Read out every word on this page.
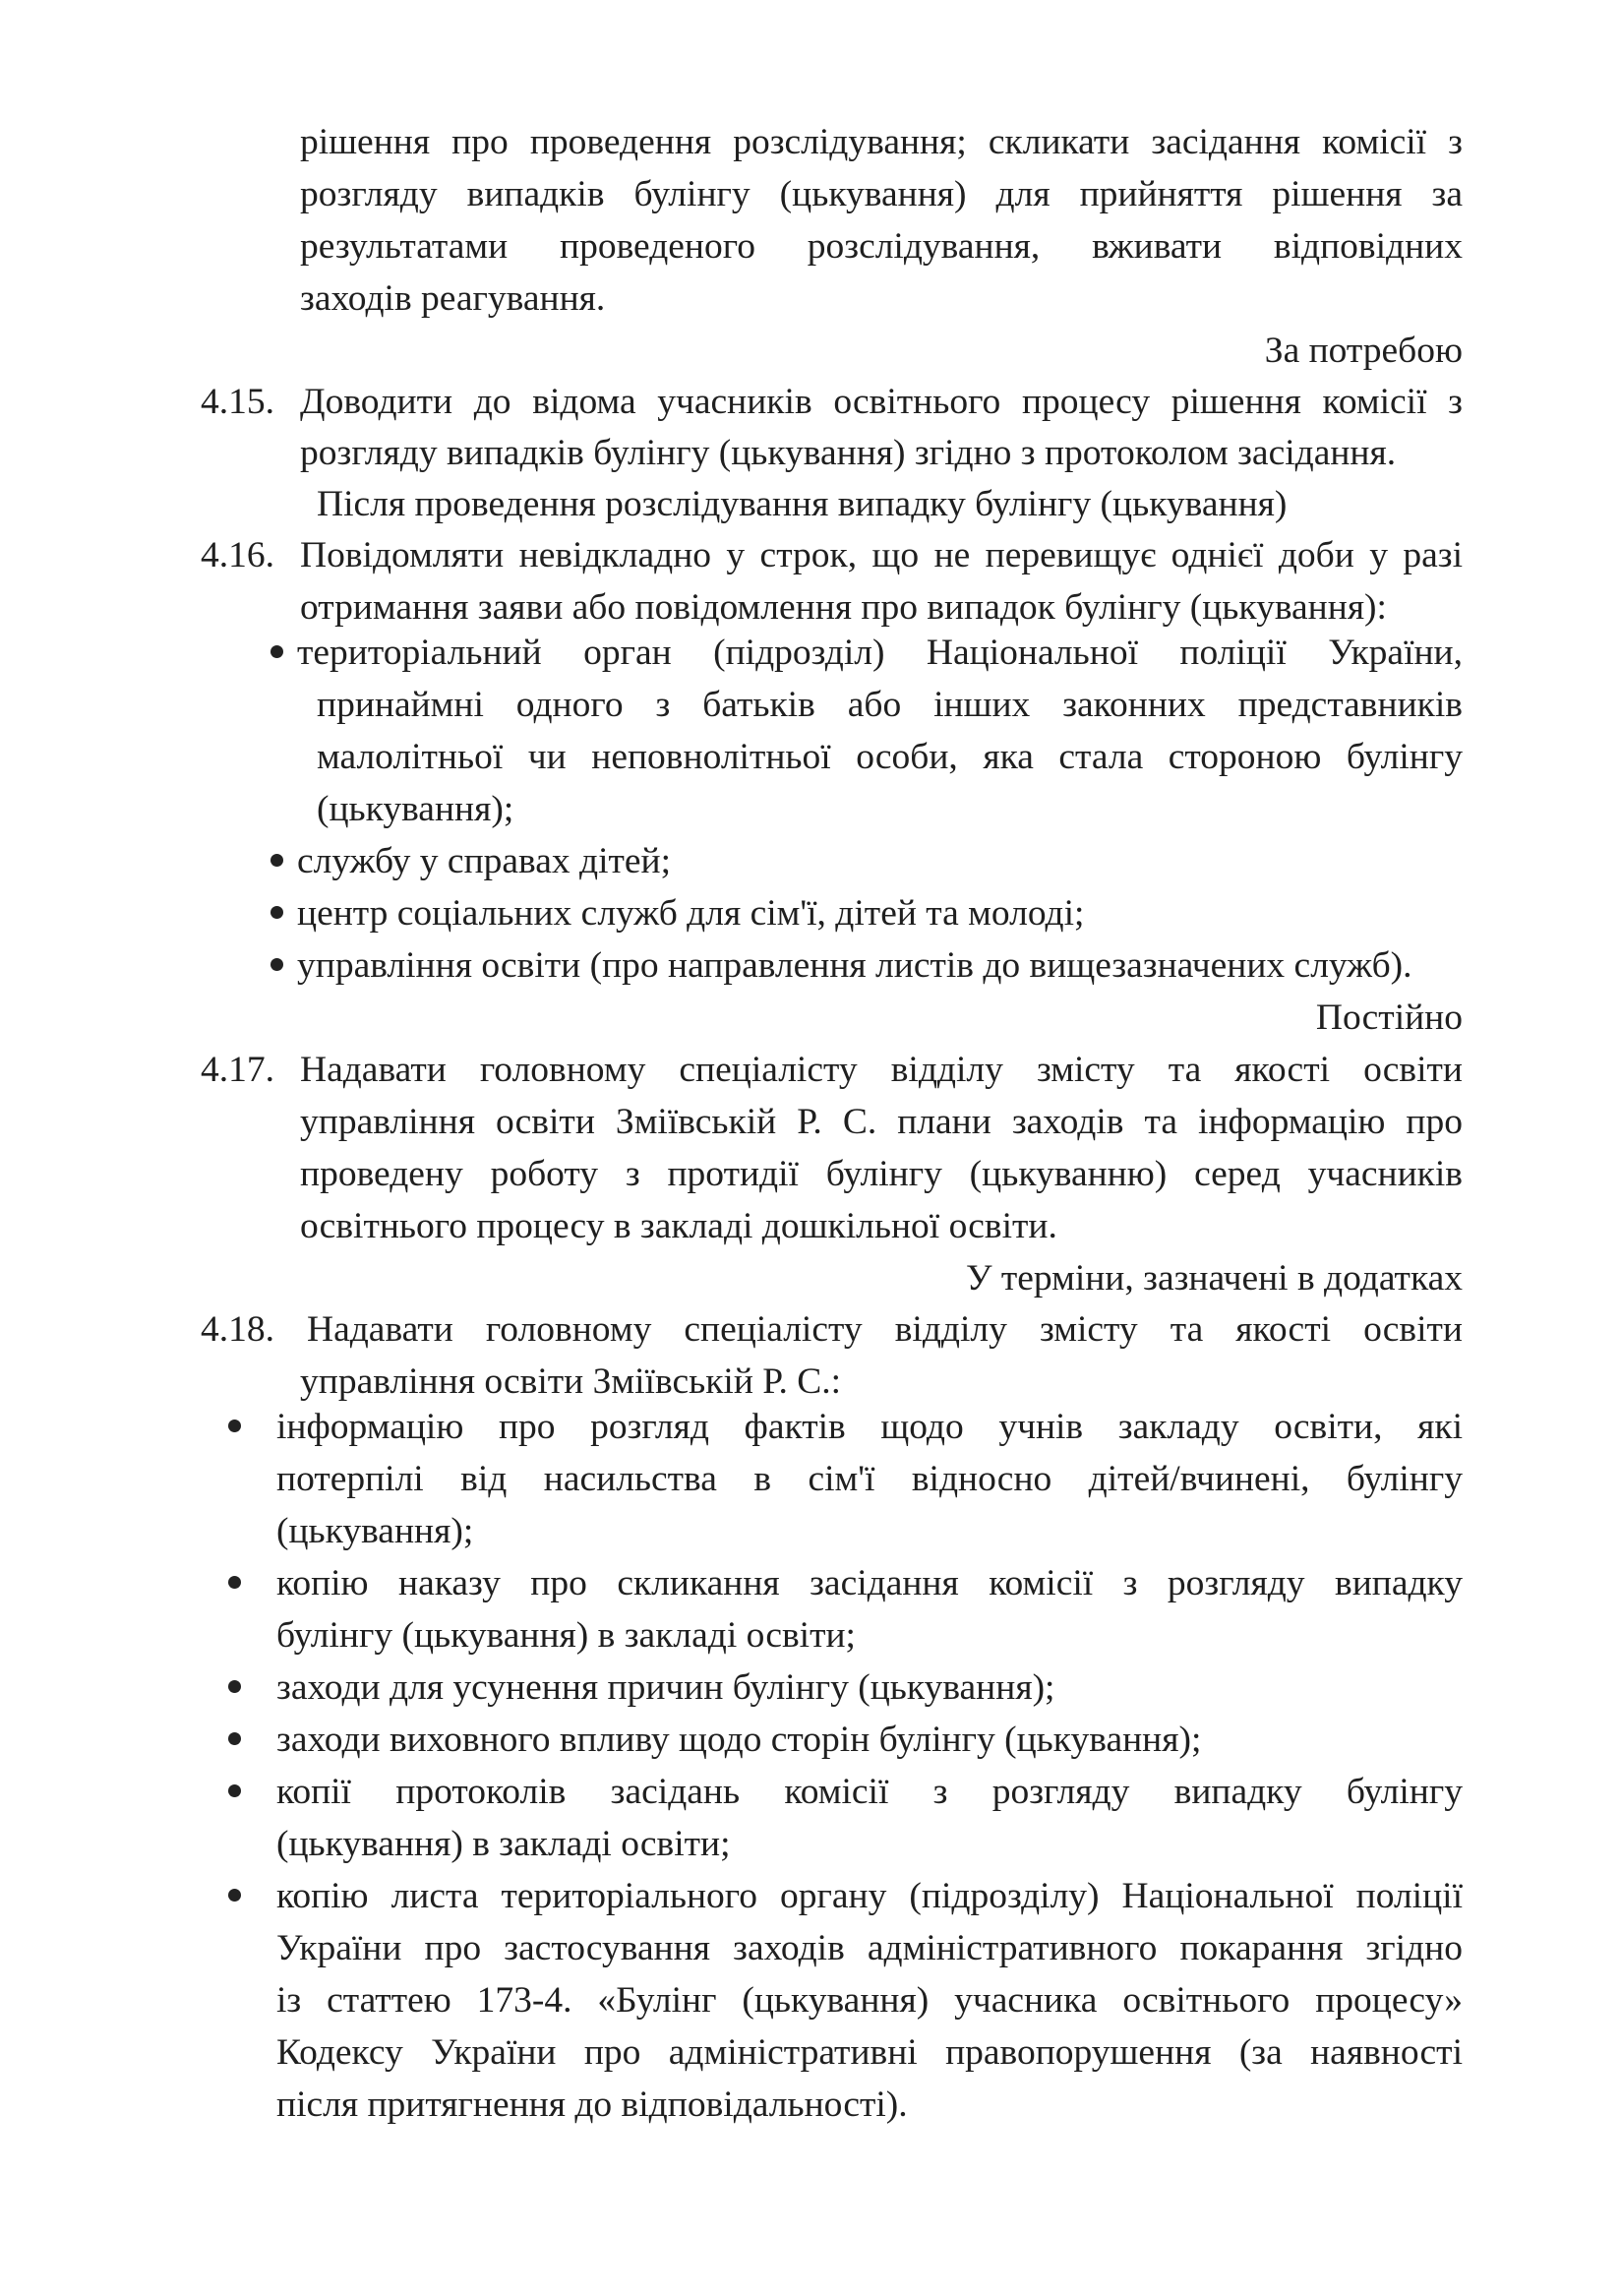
рішення про проведення розслідування; скликати засідання комісії з
розгляду випадків булінгу (цькування) для прийняття рішення за
результатами проведеного розслідування, вживати відповідних
заходів реагування.
За потребою
4.15. Доводити до відома учасників освітнього процесу рішення комісії з
розгляду випадків булінгу (цькування) згідно з протоколом засідання.
Після проведення розслідування випадку булінгу (цькування)
4.16. Повідомляти невідкладно у строк, що не перевищує однієї доби у разі
отримання заяви або повідомлення про випадок булінгу (цькування):
територіальний орган (підрозділ) Національної поліції України,
принаймні одного з батьків або інших законних представників
малолітньої чи неповнолітньої особи, яка стала стороною булінгу
(цькування);
службу у справах дітей;
центр соціальних служб для сім'ї, дітей та молоді;
управління освіти (про направлення листів до вищезазначених служб).
Постійно
4.17. Надавати головному спеціалісту відділу змісту та якості освіти
управління освіти Зміївській Р. С. плани заходів та інформацію про
проведену роботу з протидії булінгу (цькуванню) серед учасників
освітнього процесу в закладі дошкільної освіти.
У терміни, зазначені в додатках
4.18. Надавати головному спеціалісту відділу змісту та якості освіти
управління освіти Зміївській Р. С.:
інформацію про розгляд фактів щодо учнів закладу освіти, які
потерпілі від насильства в сім'ї відносно дітей/вчинені, булінгу
(цькування);
копію наказу про скликання засідання комісії з розгляду випадку
булінгу (цькування) в закладі освіти;
заходи для усунення причин булінгу (цькування);
заходи виховного впливу щодо сторін булінгу (цькування);
копії протоколів засідань комісії з розгляду випадку булінгу
(цькування) в закладі освіти;
копію листа територіального органу (підрозділу) Національної поліції
України про застосування заходів адміністративного покарання згідно
із статтею 173-4. «Булінг (цькування) учасника освітнього процесу»
Кодексу України про адміністративні правопорушення (за наявності
після притягнення до відповідальності).
